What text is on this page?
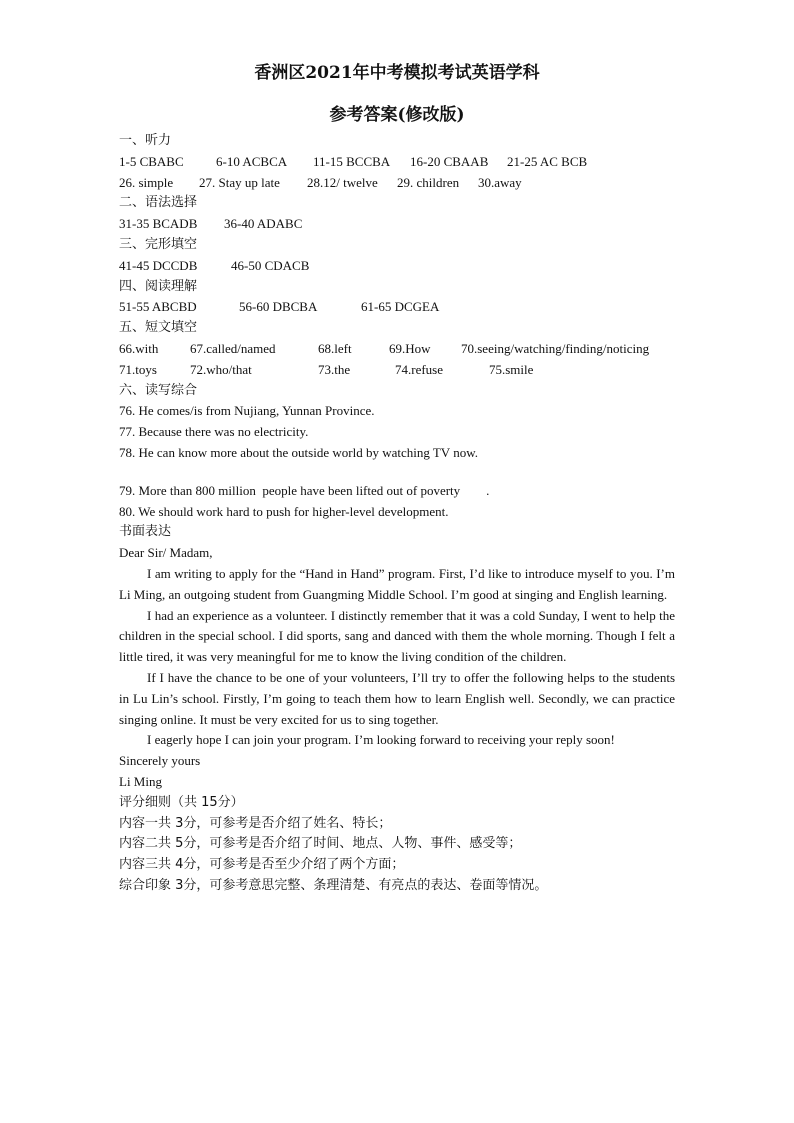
香洲区2021年中考模拟考试英语学科
参考答案(修改版)
一、听力
1-5 CBABC 6-10 ACBCA 11-15 BCCBA 16-20 CBAAB 21-25 AC BCB
26. simple 27. Stay up late 28.12/ twelve 29. children 30.away
二、语法选择
31-35 BCADB 36-40 ADABC
三、完形填空
41-45 DCCDB	46-50 CDACB
四、阅读理解
51-55 ABCBD	56-60 DBCBA	61-65 DCGEA
五、短文填空
66.with 67.called/named	68.left	69.How 70.seeing/watching/finding/noticing
71.toys	72.who/that	73.the	74.refuse	75.smile
六、读写综合
76. He comes/is from Nujiang, Yunnan Province.
77. Because there was no electricity.
78. He can know more about the outside world by watching TV now.
79. More than 800 million  people have been lifted out of poverty        .
80. We should work hard to push for higher-level development.
书面表达
Dear Sir/ Madam,

I am writing to apply for the “Hand in Hand” program. First, I’d like to introduce myself to you. I’m Li Ming, an outgoing student from Guangming Middle School. I’m good at singing and English learning.

I had an experience as a volunteer. I distinctly remember that it was a cold Sunday, I went to help the children in the special school. I did sports, sang and danced with them the whole morning. Though I felt a little tired, it was very meaningful for me to know the living condition of the children.

If I have the chance to be one of your volunteers, I’ll try to offer the following helps to the students in Lu Lin’s school. Firstly, I’m going to teach them how to learn English well. Secondly, we can practice singing online. It must be very excited for us to sing together.

I eagerly hope I can join your program. I’m looking forward to receiving your reply soon!

Sincerely yours
Li Ming
评分细则（共 15分）
内容一共 3分，可参考是否介绍了姓名、特长；
内容二共 5分，可参考是否介绍了时间、地点、人物、事件、感受等；
内容三共 4分，可参考是否至少介绍了两个方面；
综合印象 3分，可参考意思完整、条理清楚、有亮点的表达、卷面等情况。
